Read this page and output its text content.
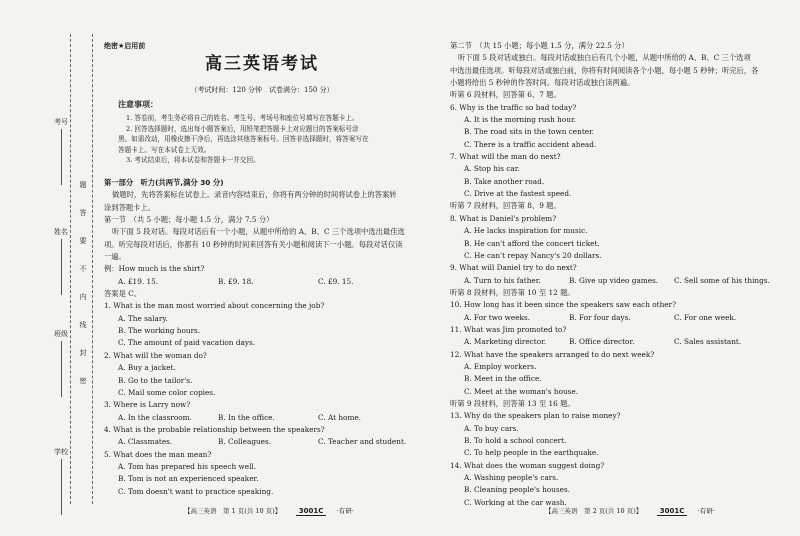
考号
姓名
班级
学校
题
答
要
不
内
线
封
密
绝密★启用前
高三英语考试
（考试时间：120 分钟　试卷满分：150 分）
注意事项：

1. 答卷前，考生务必将自己的姓名、考生号、考场号和座位号填写在答题卡上。

2. 回答选择题时，选出每小题答案后，用铅笔把答题卡上对应题目的答案标号涂

黑。如需改动，用橡皮擦干净后，再选涂其他答案标号。回答非选择题时，将答案写在

答题卡上。写在本试卷上无效。

3. 考试结束后，将本试卷和答题卡一并交回。

第一部分　听力(共两节,满分 30 分)
做题时，先将答案标在试卷上。录音内容结束后，你将有两分钟的时间将试卷上的答案转
涂到答题卡上。
第一节　（共 5 小题；每小题 1.5 分，满分 7.5 分）
听下面 5 段对话。每段对话后有一个小题，从题中所给的 A、B、C 三个选项中选出最佳选
项。听完每段对话后，你都有 10 秒钟的时间来回答有关小题和阅读下一小题。每段对话仅读
一遍。
例：How much is the shirt?
A. £19. 15.	B. £9. 18.	C. £9. 15.
答案是 C。
1. What is the man most worried about concerning the job?
A. The salary.
B. The working hours.
C. The amount of paid vacation days.
2. What will the woman do?
A. Buy a jacket.
B. Go to the tailor's.
C. Mail some color copies.
3. Where is Larry now?
A. In the classroom.	B. In the office.	C. At home.
4. What is the probable relationship between the speakers?
A. Classmates.	B. Colleagues.	C. Teacher and student.
5. What does the man mean?
A. Tom has prepared his speech well.
B. Tom is not an experienced speaker.
C. Tom doesn't want to practice speaking.
【高三英语　第 1 页(共 10 页)】 3001C ·有研·
第二节　（共 15 小题；每小题 1.5 分，满分 22.5 分）
听下面 5 段对话或独白。每段对话或独白后有几个小题，从题中所给的 A、B、C 三个选项
中选出最佳选项。听每段对话或独白前，你将有时间阅读各个小题，每小题 5 秒钟；听完后，各
小题将给出 5 秒钟的作答时间。每段对话或独白读两遍。
听第 6 段材料，回答第 6、7 题。
6. Why is the traffic so bad today?
A. It is the morning rush hour.
B. The road sits in the town center.
C. There is a traffic accident ahead.
7. What will the man do next?
A. Stop his car.
B. Take another road.
C. Drive at the fastest speed.
听第 7 段材料，回答第 8、9 题。
8. What is Daniel's problem?
A. He lacks inspiration for music.
B. He can't afford the concert ticket.
C. He can't repay Nancy's 20 dollars.
9. What will Daniel try to do next?
A. Turn to his father.	B. Give up video games.	C. Sell some of his things.
听第 8 段材料，回答第 10 至 12 题。
10. How long has it been since the speakers saw each other?
A. For two weeks.	B. For four days.	C. For one week.
11. What was Jim promoted to?
A. Marketing director.	B. Office director.	C. Sales assistant.
12. What have the speakers arranged to do next week?
A. Employ workers.
B. Meet in the office.
C. Meet at the woman's house.
听第 9 段材料，回答第 13 至 16 题。
13. Why do the speakers plan to raise money?
A. To buy cars.
B. To hold a school concert.
C. To help people in the earthquake.
14. What does the woman suggest doing?
A. Washing people's cars.
B. Cleaning people's houses.
C. Working at the car wash.
【高三英语　第 2 页(共 10 页)】 3001C ·有研·
